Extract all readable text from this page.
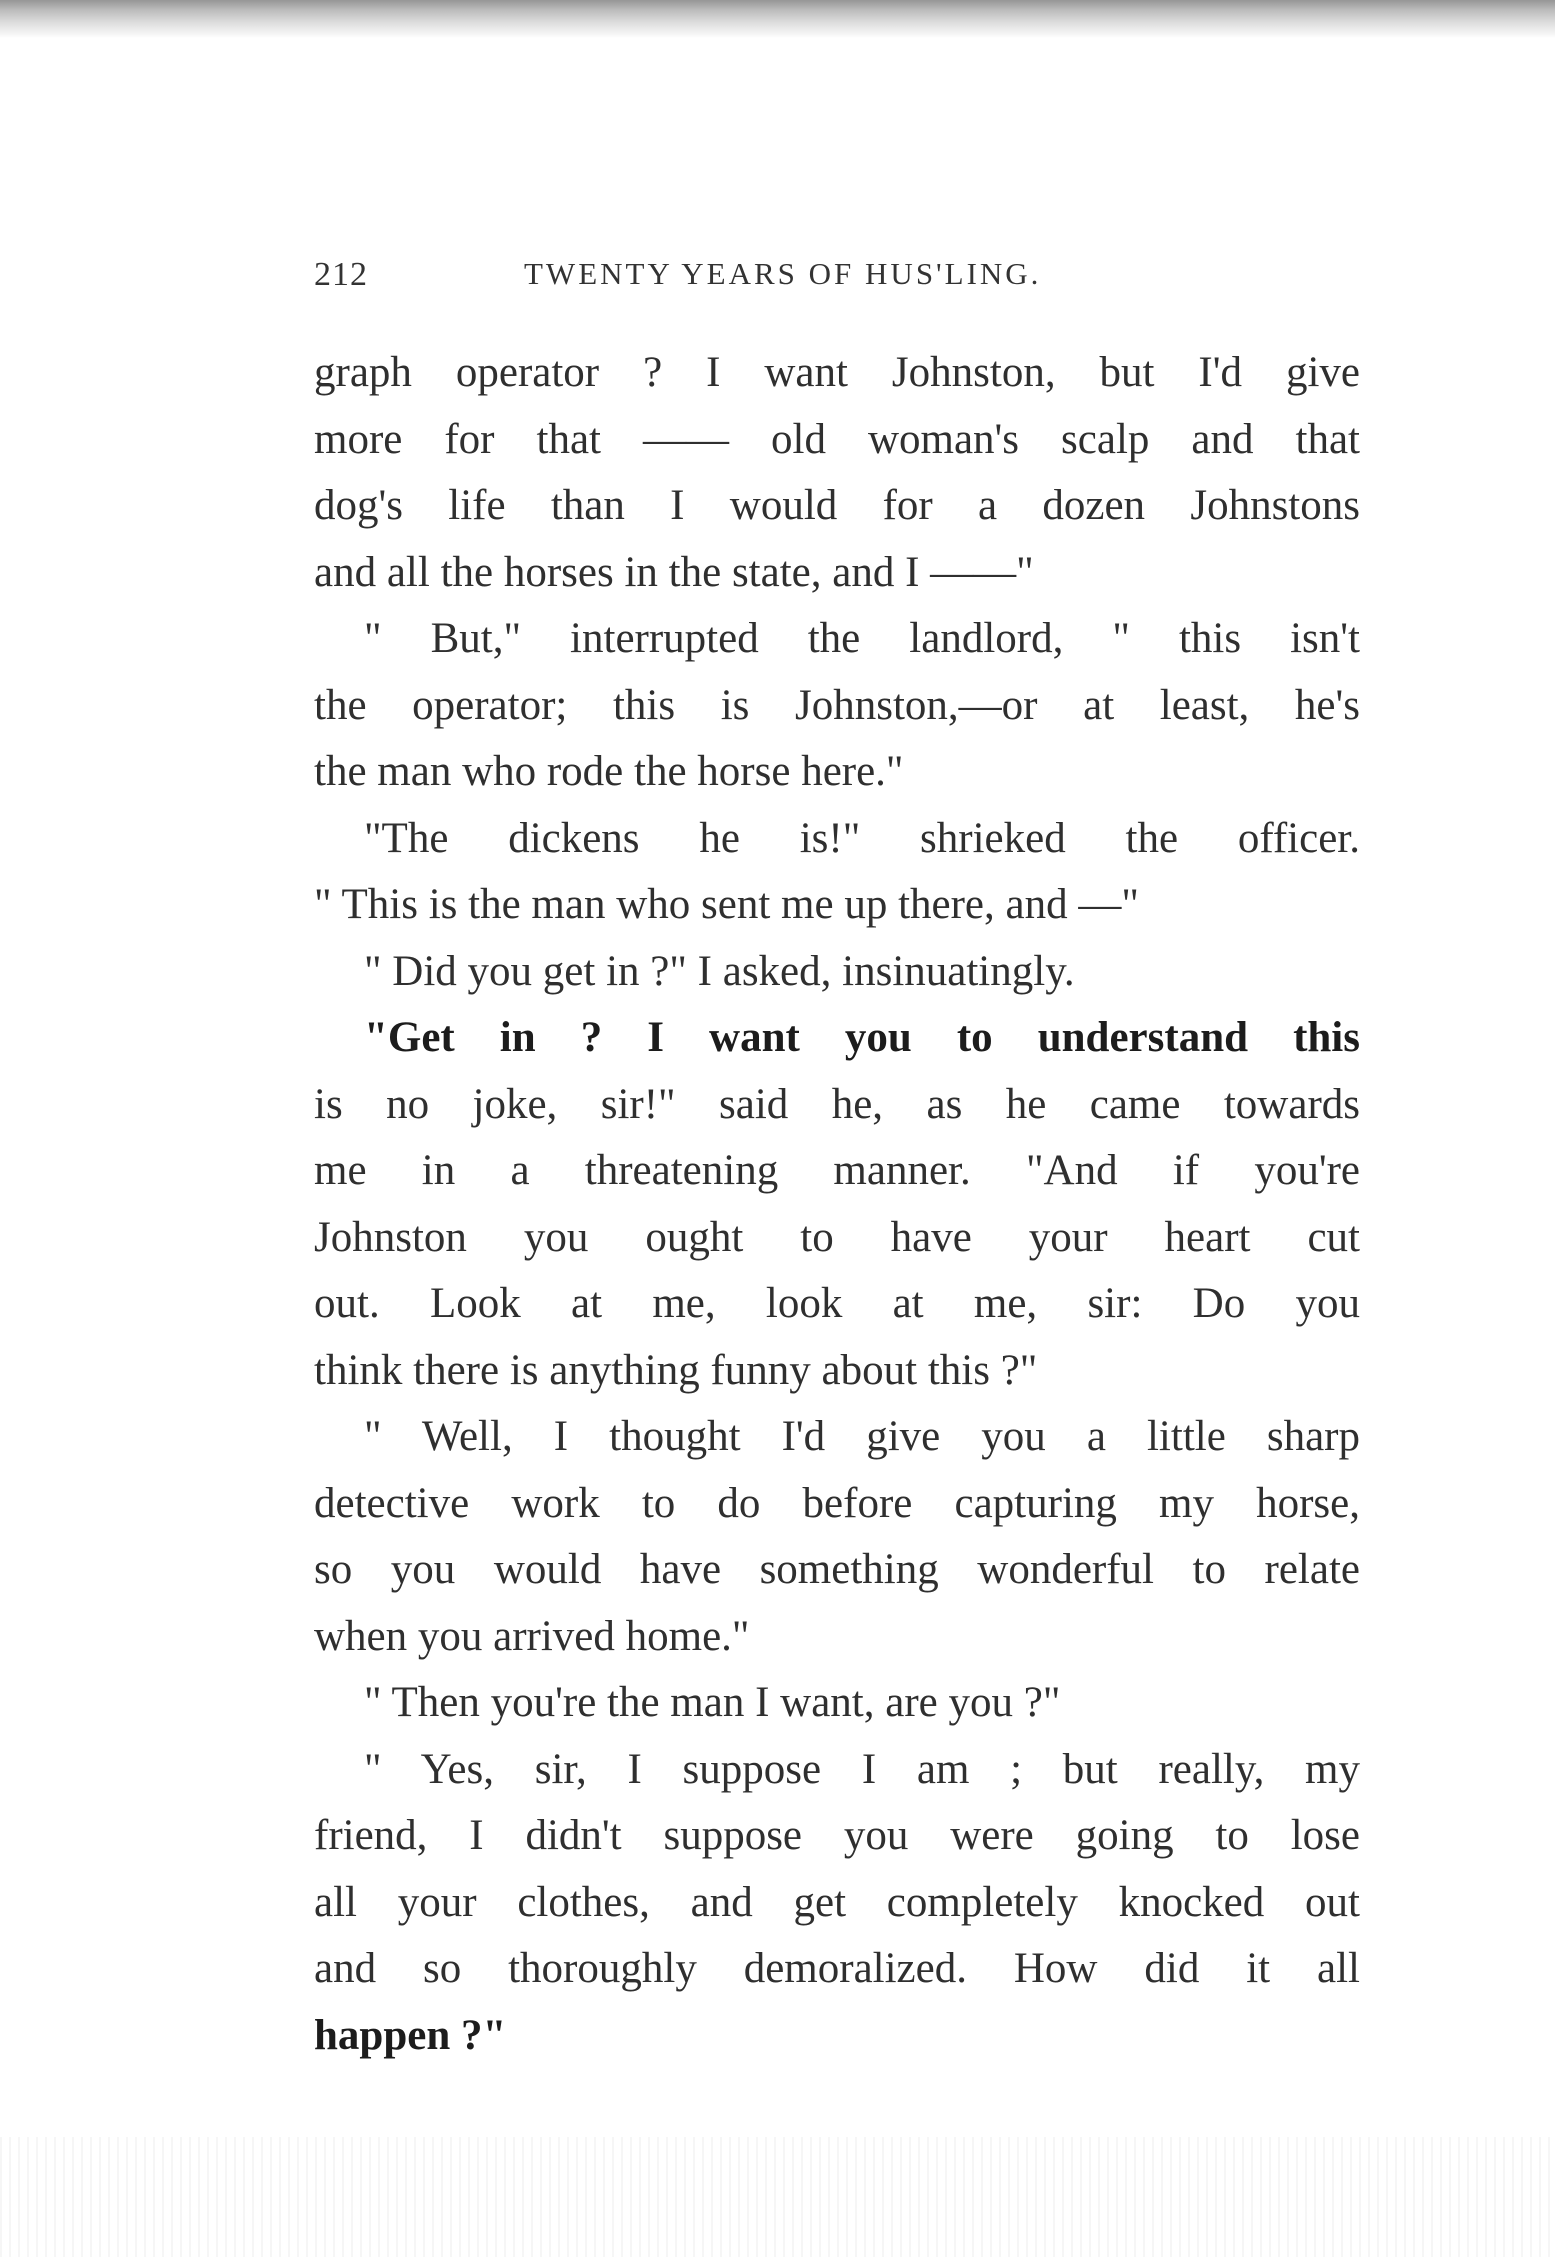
212	TWENTY YEARS OF HUS'LING.
graph operator ? I want Johnston, but I'd give
more for that —— old woman's scalp and that
dog's life than I would for a dozen Johnstons
and all the horses in the state, and I ——"
" But," interrupted the landlord, " this isn't
the operator; this is Johnston,—or at least, he's
the man who rode the horse here."
"The dickens he is!" shrieked the officer.
" This is the man who sent me up there, and —"
" Did you get in ?" I asked, insinuatingly.
"Get in ? I want you to understand this
is no joke, sir!" said he, as he came towards
me in a threatening manner. "And if you're
Johnston you ought to have your heart cut
out. Look at me, look at me, sir: Do you
think there is anything funny about this ?"
" Well, I thought I'd give you a little sharp
detective work to do before capturing my horse,
so you would have something wonderful to relate
when you arrived home."
" Then you're the man I want, are you ?"
" Yes, sir, I suppose I am ; but really, my
friend, I didn't suppose you were going to lose
all your clothes, and get completely knocked out
and so thoroughly demoralized. How did it all
happen ?"
